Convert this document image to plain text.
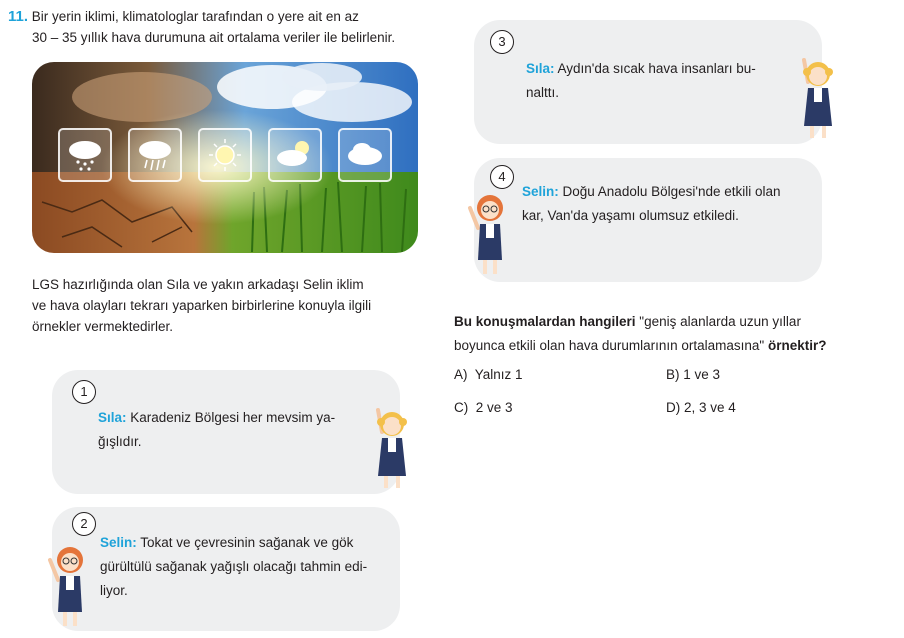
11. Bir yerin iklimi, klimatologlar tarafından o yere ait en az
30 – 35 yıllık hava durumuna ait ortalama veriler ile belirlenir.
LGS hazırlığında olan Sıla ve yakın arkadaşı Selin iklim
ve hava olayları tekrarı yaparken birbirlerine konuyla ilgili
örnekler vermektedirler.
1
Sıla: Karadeniz Bölgesi her mevsim ya-
ğışlıdır.
2
Selin: Tokat ve çevresinin sağanak ve gök
gürültülü sağanak yağışlı olacağı tahmin edi-
liyor.
3
Sıla: Aydın'da sıcak hava insanları bu-
nalttı.
4
Selin: Doğu Anadolu Bölgesi'nde etkili olan
kar, Van'da yaşamı olumsuz etkiledi.
Bu konuşmalardan hangileri "geniş alanlarda uzun yıllar
boyunca etkili olan hava durumlarının ortalamasına" örnektir?
A) Yalnız 1	B) 1 ve 3
C) 2 ve 3	D) 2, 3 ve 4
